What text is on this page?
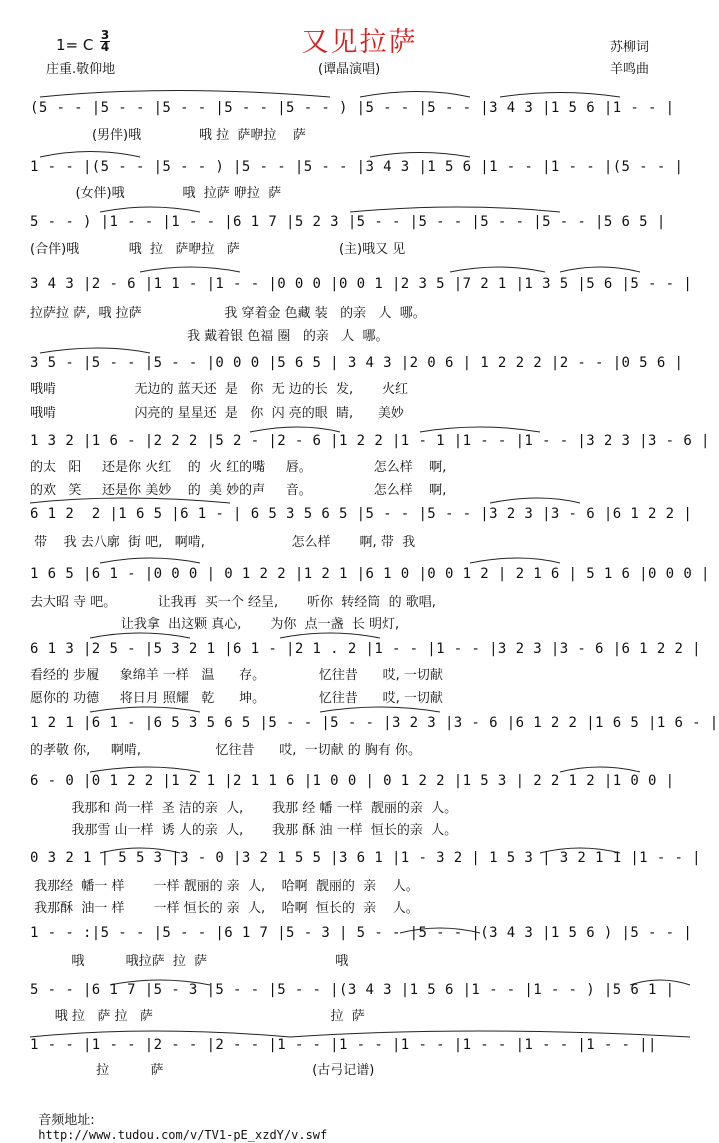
又见拉萨
1= C
3
4
庄重.敬仰地	(谭晶演唱)
苏柳词
羊鸣曲
(5 - - |5 - - |5 - - |5 - - |5 - - ) |5 - - |5 - - |3 4 3 |1 5 6 |1 - - |
(男伴)哦              哦 拉  萨咿拉    萨
1 - - |(5 - - |5 - - ) |5 - - |5 - - |3 4 3 |1 5 6 |1 - - |1 - - |(5 - - |
(女伴)哦              哦  拉萨 咿拉  萨
5 - - ) |1 - - |1 - - |6 1 7 |5 2 3 |5 - - |5 - - |5 - - |5 - - |5 6 5 |
(合伴)哦            哦  拉   萨咿拉   萨                        (主)哦又 见
3 4 3 |2 - 6 |1 1 - |1 - - |0 0 0 |0 0 1 |2 3 5 |7 2 1 |1 3 5 |5 6 |5 - - |
拉萨拉 萨,  哦 拉萨                    我 穿着金 色藏 装   的亲   人  哪。
我 戴着银 色福 圈   的亲   人  哪。
3 5 - |5 - - |5 - - |0 0 0 |5 6 5 | 3 4 3 |2 0 6 | 1 2 2 2 |2 - - |0 5 6 |
哦啃                   无边的 蓝天还  是   你  无 边的长  发,       火红
哦啃                   闪亮的 星星还  是   你  闪 亮的眼  睛,      美妙
1 3 2 |1 6 - |2 2 2 |5 2 - |2 - 6 |1 2 2 |1 - 1 |1 - - |1 - - |3 2 3 |3 - 6 |
的太   阳     还是你 火红    的  火 红的嘴     唇。               怎么样    啊,
的欢   笑     还是你 美妙    的  美 妙的声     音。               怎么样    啊,
6 1 2  2 |1 6 5 |6 1 - | 6 5 3 5 6 5 |5 - - |5 - - |3 2 3 |3 - 6 |6 1 2 2 |
带    我 去八廓  街 吧,   啊啃,                     怎么样       啊, 带  我
1 6 5 |6 1 - |0 0 0 | 0 1 2 2 |1 2 1 |6 1 0 |0 0 1 2 | 2 1 6 | 5 1 6 |0 0 0 |
去大昭 寺 吧。          让我再  买一个 经呈,       听你  转经筒  的 歌唱,
让我拿  出这颗 真心,       为你  点一盏  长 明灯,
6 1 3 |2 5 - |5 3 2 1 |6 1 - |2 1 . 2 |1 - - |1 - - |3 2 3 |3 - 6 |6 1 2 2 |
看经的 步履     象绵羊 一样   温      存。             忆往昔      哎, 一切献
愿你的 功德     将日月 照耀   乾      坤。             忆往昔      哎, 一切献
1 2 1 |6 1 - |6 5 3 5 6 5 |5 - - |5 - - |3 2 3 |3 - 6 |6 1 2 2 |1 6 5 |1 6 - |
的孝敬 你,     啊啃,                  忆往昔      哎,  一切献 的 胸有 你。
6 - 0 |0 1 2 2 |1 2 1 |2 1 1 6 |1 0 0 | 0 1 2 2 |1 5 3 | 2 2 1 2 |1 0 0 |
我那和 尚一样  圣 洁的亲  人,       我那 经 幡 一样  靓丽的亲  人。
我那雪 山一样  诱 人的亲  人,       我那 酥 油 一样  恒长的亲  人。
0 3 2 1 | 5 5 3 |3 - 0 |3 2 1 5 5 |3 6 1 |1 - 3 2 | 1 5 3 | 3 2 1 1 |1 - - |
我那经  幡一 样       一样 靓丽的 亲  人,    哈啊  靓丽的  亲    人。
我那酥  油一 样       一样 恒长的 亲  人,    哈啊  恒长的  亲    人。
1 - - :|5 - - |5 - - |6 1 7 |5 - 3 | 5 - - |5 - - |(3 4 3 |1 5 6 ) |5 - - |
哦          哦拉萨  拉  萨                               哦
5 - - |6 1 7 |5 - 3 |5 - - |5 - - |(3 4 3 |1 5 6 |1 - - |1 - - ) |5 6 1 |
哦 拉   萨 拉   萨                                           拉  萨
1 - - |1 - - |2 - - |2 - - |1 - - |1 - - |1 - - |1 - - |1 - - |1 - - ||
拉          萨                                    (古弓记谱)

音频地址:
http://www.tudou.com/v/TV1-pE_xzdY/v.swf
